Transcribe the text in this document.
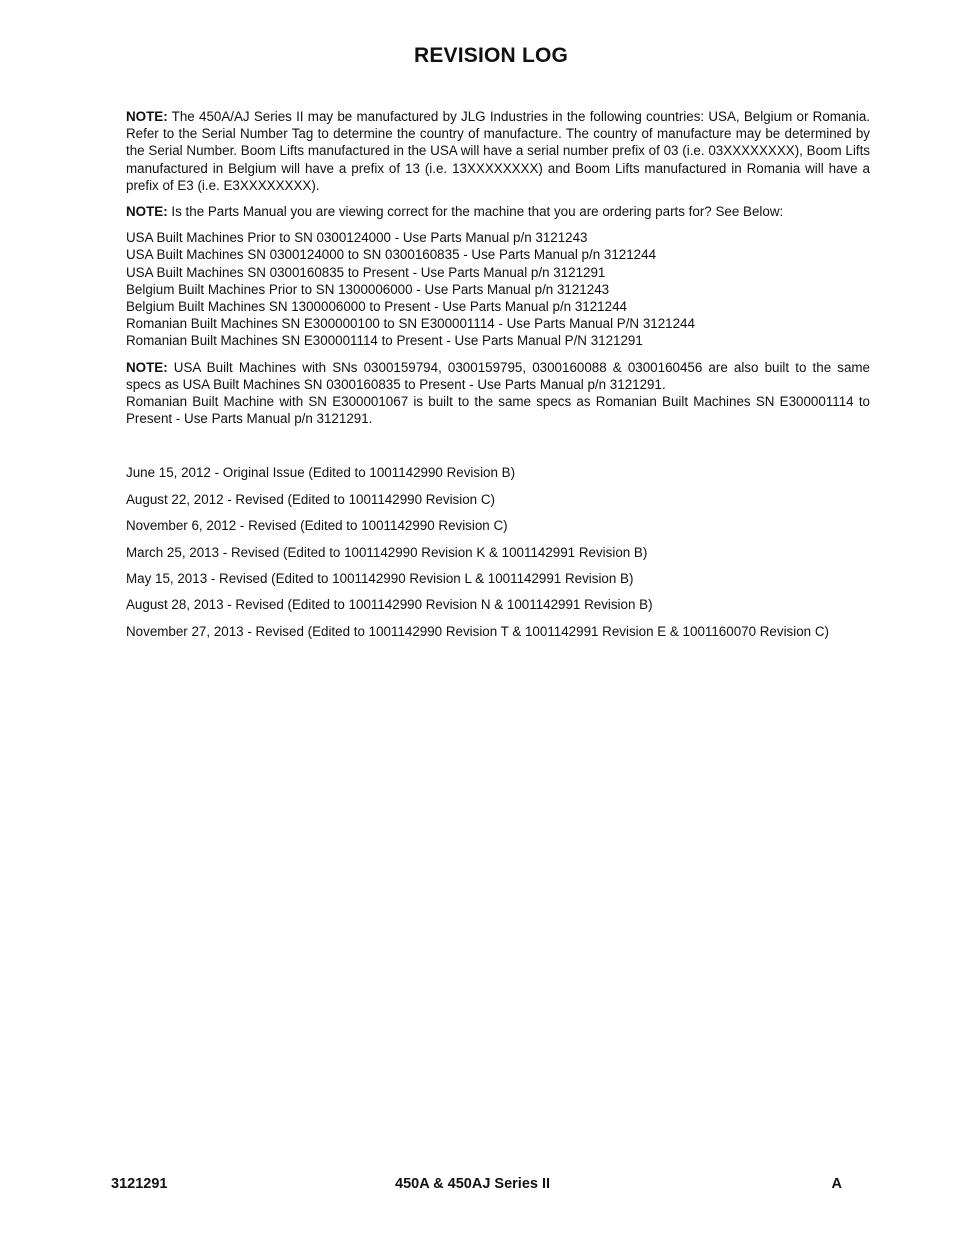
REVISION LOG

NOTE: The 450A/AJ Series II may be manufactured by JLG Industries in the following countries: USA, Belgium or Romania. Refer to the Serial Number Tag to determine the country of manufacture. The country of manufacture may be determined by the Serial Number. Boom Lifts manufactured in the USA will have a serial number prefix of 03 (i.e. 03XXXXXXXX), Boom Lifts manufactured in Belgium will have a prefix of 13 (i.e. 13XXXXXXXX) and Boom Lifts manufactured in Romania will have a prefix of E3 (i.e. E3XXXXXXXX).

NOTE: Is the Parts Manual you are viewing correct for the machine that you are ordering parts for? See Below:

USA Built Machines Prior to SN 0300124000 - Use Parts Manual p/n 3121243
USA Built Machines SN 0300124000 to SN 0300160835 - Use Parts Manual p/n 3121244
USA Built Machines SN 0300160835 to Present - Use Parts Manual p/n 3121291
Belgium Built Machines Prior to SN 1300006000 - Use Parts Manual p/n 3121243
Belgium Built Machines SN 1300006000 to Present - Use Parts Manual p/n 3121244
Romanian Built Machines SN E300000100 to SN E300001114 - Use Parts Manual P/N 3121244
Romanian Built Machines SN E300001114 to Present - Use Parts Manual P/N 3121291
NOTE: USA Built Machines with SNs 0300159794, 0300159795, 0300160088 & 0300160456 are also built to the same specs as USA Built Machines SN 0300160835 to Present - Use Parts Manual p/n 3121291.
Romanian Built Machine with SN E300001067 is built to the same specs as Romanian Built Machines SN E300001114 to Present - Use Parts Manual p/n 3121291.
June 15, 2012 - Original Issue (Edited to 1001142990 Revision B)
August 22, 2012 - Revised (Edited to 1001142990 Revision C)
November 6, 2012 - Revised (Edited to 1001142990 Revision C)
March 25, 2013 - Revised (Edited to 1001142990 Revision K & 1001142991 Revision B)
May 15, 2013 - Revised (Edited to 1001142990 Revision L & 1001142991 Revision B)
August 28, 2013 - Revised (Edited to 1001142990 Revision N & 1001142991 Revision B)
November 27, 2013 - Revised (Edited to 1001142990 Revision T & 1001142991 Revision E & 1001160070 Revision C)
3121291	450A & 450AJ Series II	A
